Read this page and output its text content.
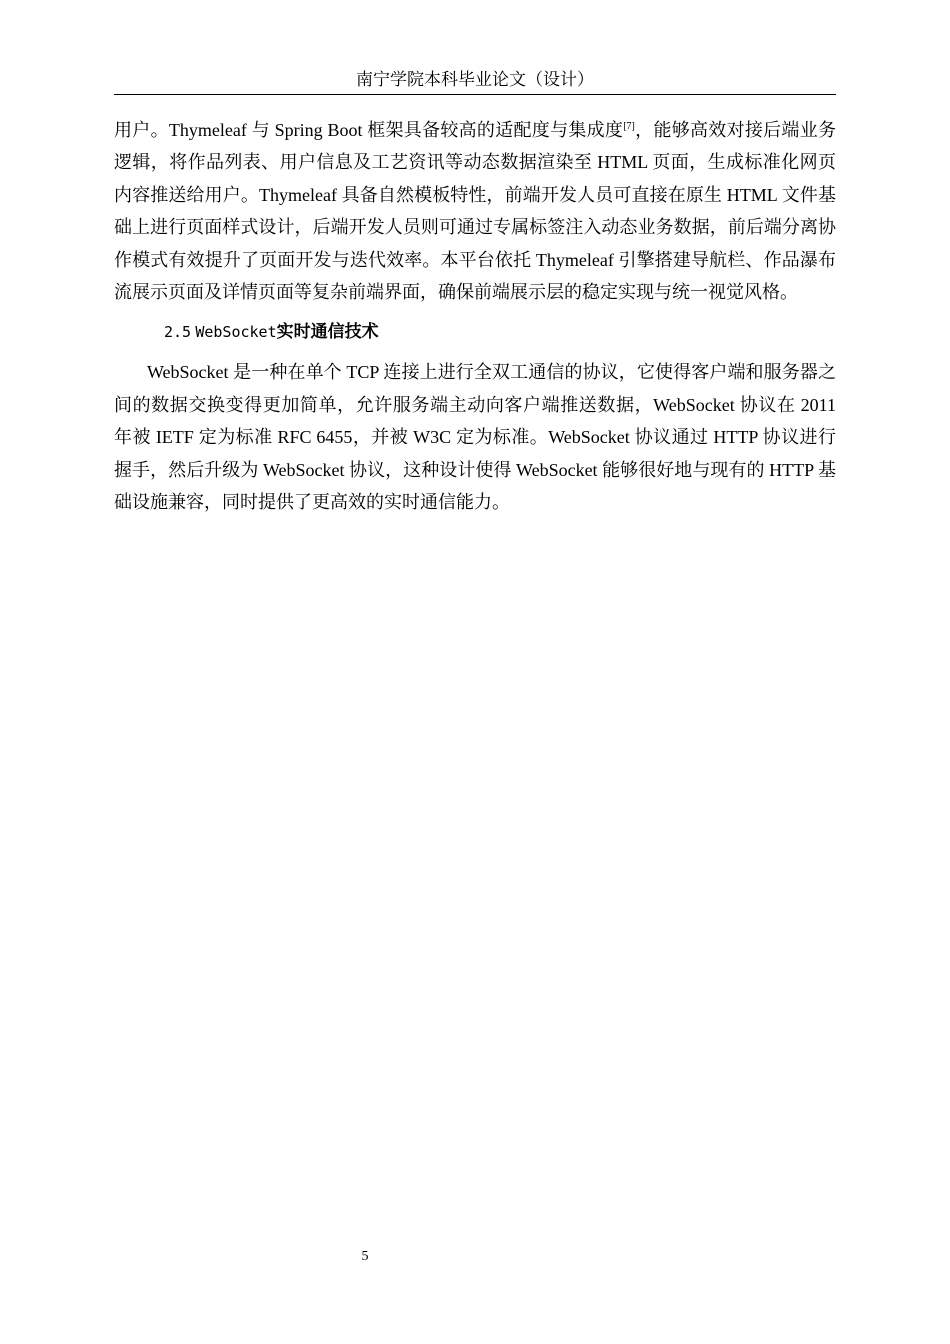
南宁学院本科毕业论文（设计）

用户。Thymeleaf 与 Spring Boot 框架具备较高的适配度与集成度[7]，能够高效对接后端业务逻辑，将作品列表、用户信息及工艺资讯等动态数据渲染至 HTML 页面，生成标准化网页内容推送给用户。Thymeleaf 具备自然模板特性，前端开发人员可直接在原生 HTML 文件基础上进行页面样式设计，后端开发人员则可通过专属标签注入动态业务数据，前后端分离协作模式有效提升了页面开发与迭代效率。本平台依托 Thymeleaf 引擎搭建导航栏、作品瀑布流展示页面及详情页面等复杂前端界面，确保前端展示层的稳定实现与统一视觉风格。

2.5 WebSocket实时通信技术

WebSocket 是一种在单个 TCP 连接上进行全双工通信的协议，它使得客户端和服务器之间的数据交换变得更加简单，允许服务端主动向客户端推送数据，WebSocket 协议在 2011 年被 IETF 定为标准 RFC 6455，并被 W3C 定为标准。WebSocket 协议通过 HTTP 协议进行握手，然后升级为 WebSocket 协议，这种设计使得 WebSocket 能够很好地与现有的 HTTP 基础设施兼容，同时提供了更高效的实时通信能力。

5
